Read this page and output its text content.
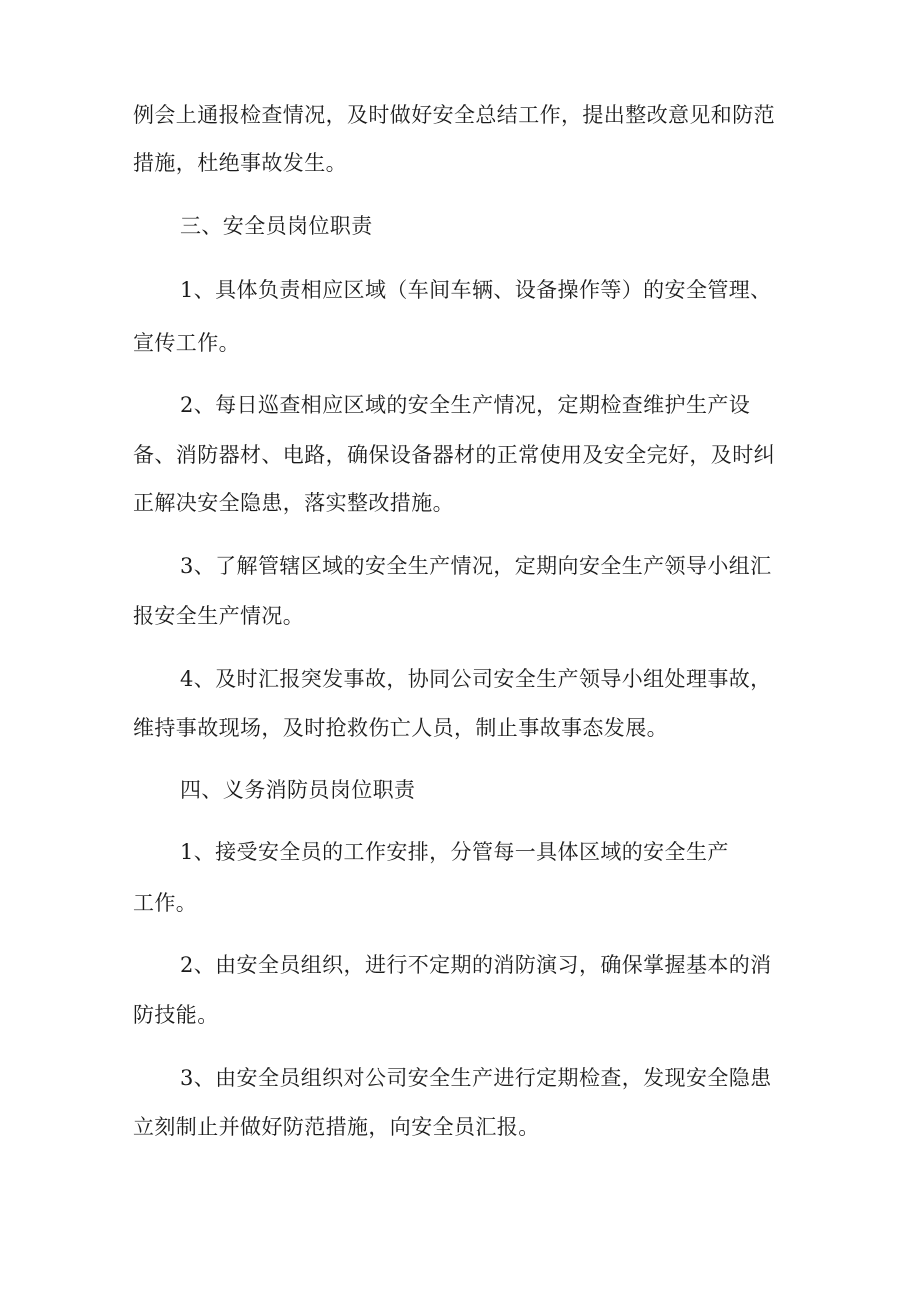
例会上通报检查情况，及时做好安全总结工作，提出整改意见和防范
措施，杜绝事故发生。
三、安全员岗位职责
1、具体负责相应区域（车间车辆、设备操作等）的安全管理、
宣传工作。
2、每日巡查相应区域的安全生产情况，定期检查维护生产设
备、消防器材、电路，确保设备器材的正常使用及安全完好，及时纠
正解决安全隐患，落实整改措施。
3、了解管辖区域的安全生产情况，定期向安全生产领导小组汇
报安全生产情况。
4、及时汇报突发事故，协同公司安全生产领导小组处理事故，
维持事故现场，及时抢救伤亡人员，制止事故事态发展。
四、义务消防员岗位职责
1、接受安全员的工作安排，分管每一具体区域的安全生产
工作。
2、由安全员组织，进行不定期的消防演习，确保掌握基本的消
防技能。
3、由安全员组织对公司安全生产进行定期检查，发现安全隐患
立刻制止并做好防范措施，向安全员汇报。
